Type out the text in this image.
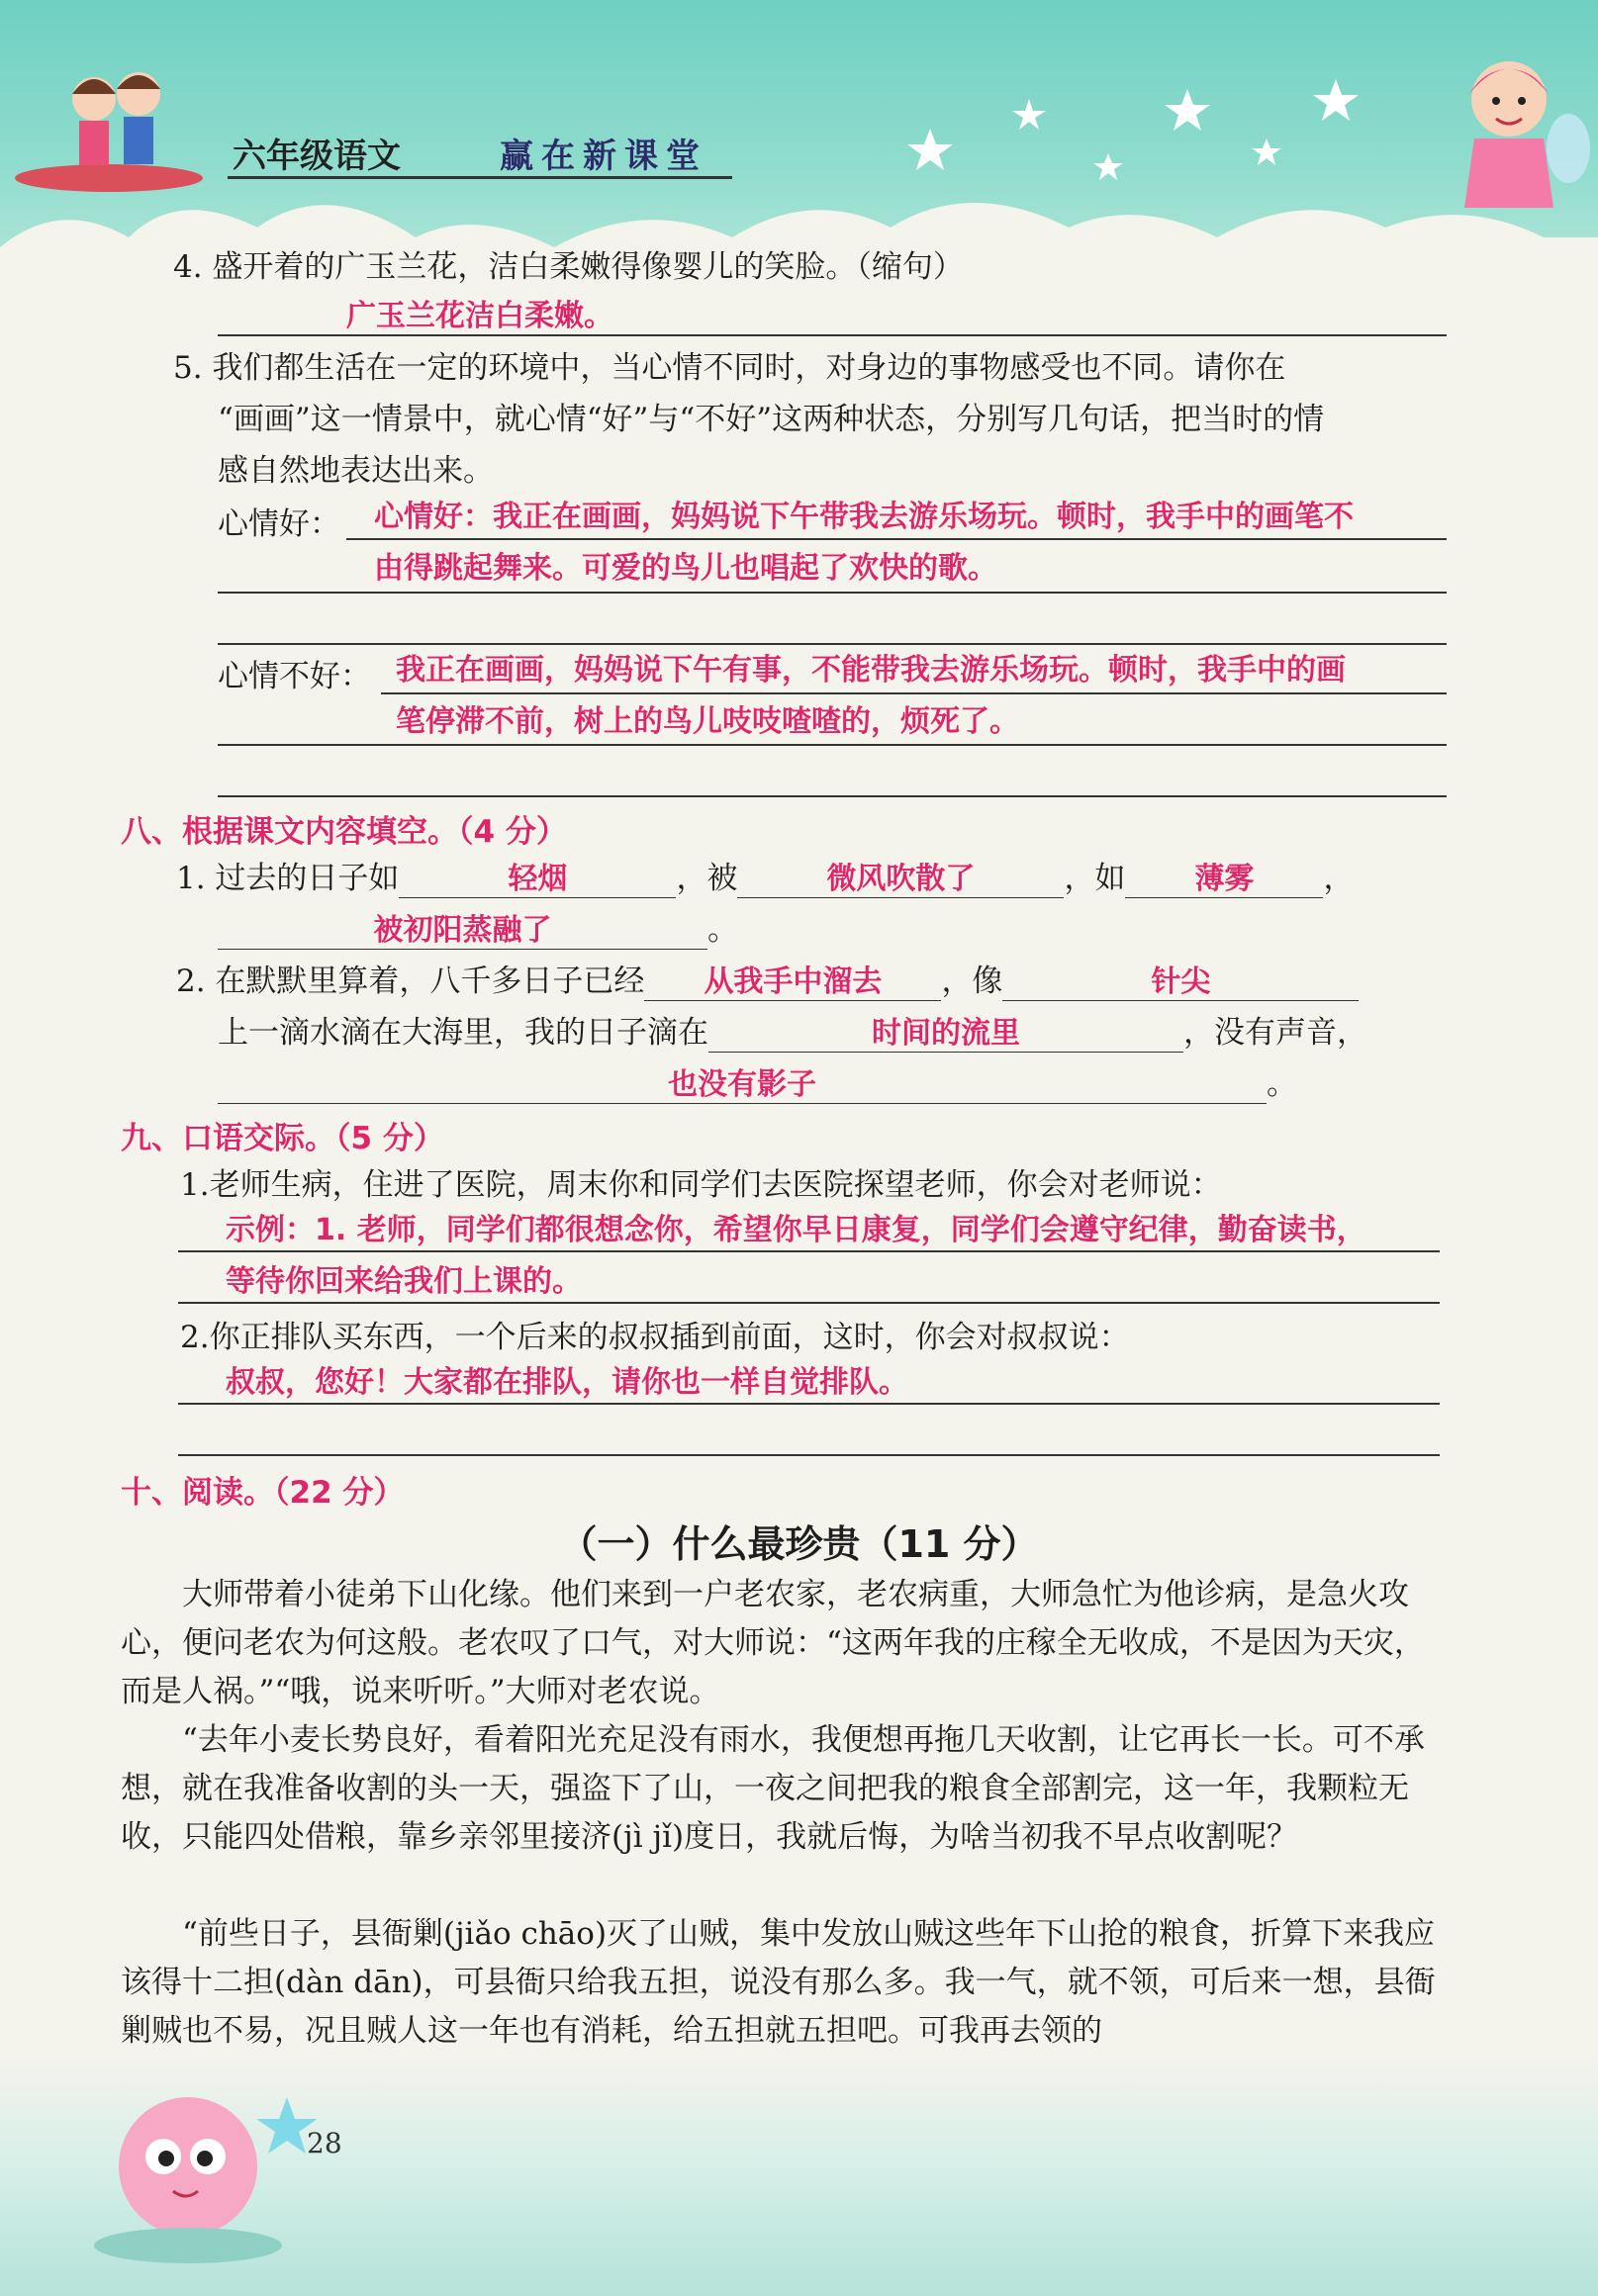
六年级语文	赢在新课堂
4. 盛开着的广玉兰花，洁白柔嫩得像婴儿的笑脸。（缩句）
广玉兰花洁白柔嫩。
5. 我们都生活在一定的环境中，当心情不同时，对身边的事物感受也不同。请你在
“画画”这一情景中，就心情“好”与“不好”这两种状态，分别写几句话，把当时的情
感自然地表达出来。
心情好： 心情好：我正在画画，妈妈说下午带我去游乐场玩。顿时，我手中的画笔不
由得跳起舞来。可爱的鸟儿也唱起了欢快的歌。
心情不好： 我正在画画，妈妈说下午有事，不能带我去游乐场玩。顿时，我手中的画
笔停滞不前，树上的鸟儿吱吱喳喳的，烦死了。
八、根据课文内容填空。（4 分）
1. 过去的日子如	轻烟	，被	微风吹散了	，如 薄雾 ，
被初阳蒸融了	。
2. 在默默里算着，八千多日子已经 从我手中溜去 ，像	针尖
上一滴水滴在大海里，我的日子滴在	时间的流里	，没有声音，
也没有影子	。
九、口语交际。（5 分）
1.老师生病，住进了医院，周末你和同学们去医院探望老师，你会对老师说：
示例：1. 老师，同学们都很想念你，希望你早日康复，同学们会遵守纪律，勤奋读书，
等待你回来给我们上课的。
2.你正排队买东西，一个后来的叔叔插到前面，这时，你会对叔叔说：
叔叔，您好！大家都在排队，请你也一样自觉排队。
十、阅读。（22 分）
（一）什么最珍贵（11 分）
大师带着小徒弟下山化缘。他们来到一户老农家，老农病重，大师急忙为他诊病，是急火攻心，便问老农为何这般。老农叹了口气，对大师说：“这两年我的庄稼全无收成，不是因为天灾，而是人祸。”“哦，说来听听。”大师对老农说。
“去年小麦长势良好，看着阳光充足没有雨水，我便想再拖几天收割，让它再长一长。可不承想，就在我准备收割的头一天，强盗下了山，一夜之间把我的粮食全部割完，这一年，我颗粒无收，只能四处借粮，靠乡亲邻里接济(jì jǐ)度日，我就后悔，为啥当初我不早点收割呢？
“前些日子，县衙剿(jiǎo chāo)灭了山贼，集中发放山贼这些年下山抢的粮食，折算下来我应该得十二担(dàn dān)，可县衙只给我五担，说没有那么多。我一气，就不领，可后来一想，县衙剿贼也不易，况且贼人这一年也有消耗，给五担就五担吧。可我再去领的
28
